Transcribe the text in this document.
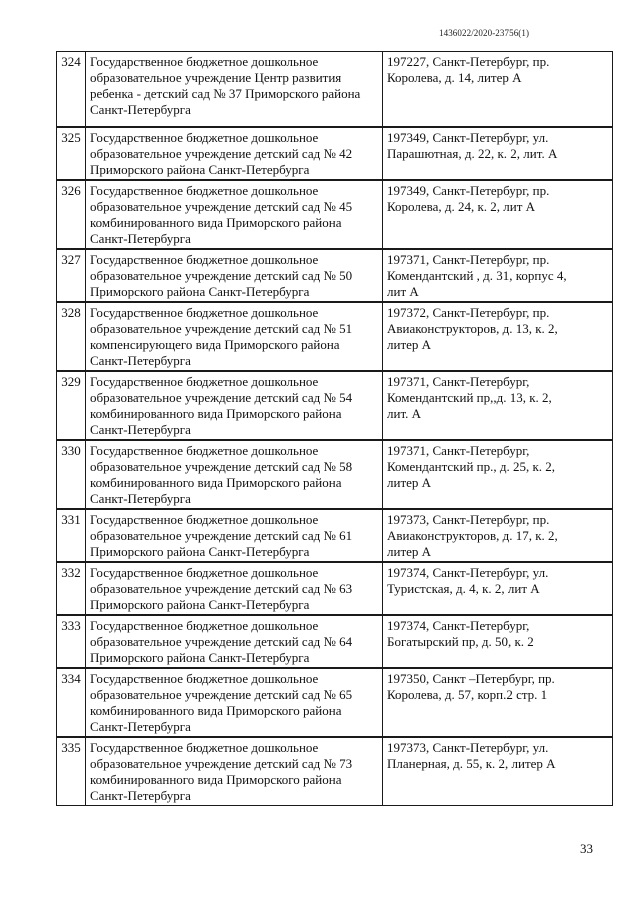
1436022/2020-23756(1)
324	Государственное бюджетное дошкольное
образовательное учреждение Центр развития
ребенка - детский сад № 37 Приморского района
Санкт-Петербурга	197227, Санкт-Петербург, пр.
Королева, д. 14, литер А

325	Государственное бюджетное дошкольное
образовательное учреждение детский сад № 42
Приморского района Санкт-Петербурга	197349, Санкт-Петербург, ул.
Парашютная, д. 22, к. 2, лит. А

326	Государственное бюджетное дошкольное
образовательное учреждение детский сад № 45
комбинированного вида Приморского района
Санкт-Петербурга	197349, Санкт-Петербург, пр.
Королева, д. 24, к. 2, лит А

327	Государственное бюджетное дошкольное
образовательное учреждение детский сад № 50
Приморского района Санкт-Петербурга	197371, Санкт-Петербург, пр.
Комендантский , д. 31, корпус 4,
лит А

328	Государственное бюджетное дошкольное
образовательное учреждение детский сад № 51
компенсирующего вида Приморского района
Санкт-Петербурга	197372, Санкт-Петербург, пр.
Авиаконструкторов, д. 13, к. 2,
литер А

329	Государственное бюджетное дошкольное
образовательное учреждение детский сад № 54
комбинированного вида Приморского района
Санкт-Петербурга	197371, Санкт-Петербург,
Комендантский пр,,д. 13, к. 2,
лит. А

330	Государственное бюджетное дошкольное
образовательное учреждение детский сад № 58
комбинированного вида Приморского района
Санкт-Петербурга	197371, Санкт-Петербург,
Комендантский пр., д. 25, к. 2,
литер А

331	Государственное бюджетное дошкольное
образовательное учреждение детский сад № 61
Приморского района Санкт-Петербурга	197373, Санкт-Петербург, пр.
Авиаконструкторов, д. 17, к. 2,
литер А

332	Государственное бюджетное дошкольное
образовательное учреждение детский сад № 63
Приморского района Санкт-Петербурга	197374, Санкт-Петербург, ул.
Туристская, д. 4, к. 2, лит А

333	Государственное бюджетное дошкольное
образовательное учреждение детский сад № 64
Приморского района Санкт-Петербурга	197374, Санкт-Петербург,
Богатырский пр, д. 50, к. 2

334	Государственное бюджетное дошкольное
образовательное учреждение детский сад № 65
комбинированного вида Приморского района
Санкт-Петербурга	197350, Санкт –Петербург, пр.
Королева, д. 57, корп.2 стр. 1

335	Государственное бюджетное дошкольное
образовательное учреждение детский сад № 73
комбинированного вида Приморского района
Санкт-Петербурга	197373, Санкт-Петербург, ул.
Планерная, д. 55, к. 2, литер А
33
